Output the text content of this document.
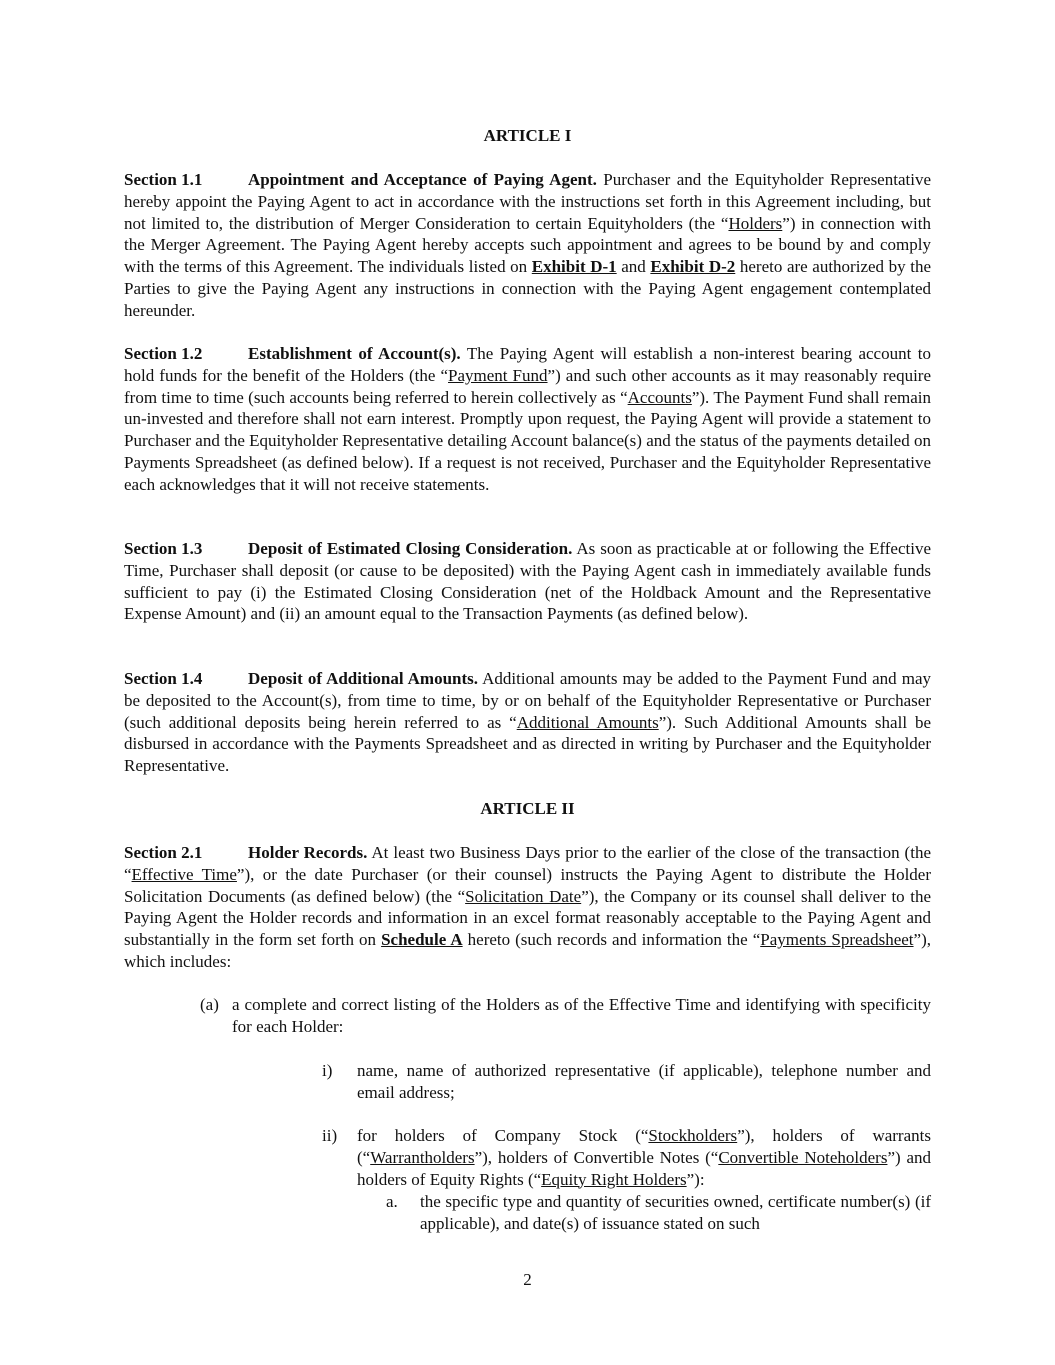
ARTICLE I
Section 1.1	Appointment and Acceptance of Paying Agent. Purchaser and the Equityholder Representative hereby appoint the Paying Agent to act in accordance with the instructions set forth in this Agreement including, but not limited to, the distribution of Merger Consideration to certain Equityholders (the “Holders”) in connection with the Merger Agreement. The Paying Agent hereby accepts such appointment and agrees to be bound by and comply with the terms of this Agreement. The individuals listed on Exhibit D-1 and Exhibit D-2 hereto are authorized by the Parties to give the Paying Agent any instructions in connection with the Paying Agent engagement contemplated hereunder.
Section 1.2	Establishment of Account(s). The Paying Agent will establish a non-interest bearing account to hold funds for the benefit of the Holders (the “Payment Fund”) and such other accounts as it may reasonably require from time to time (such accounts being referred to herein collectively as “Accounts”). The Payment Fund shall remain un-invested and therefore shall not earn interest. Promptly upon request, the Paying Agent will provide a statement to Purchaser and the Equityholder Representative detailing Account balance(s) and the status of the payments detailed on Payments Spreadsheet (as defined below). If a request is not received, Purchaser and the Equityholder Representative each acknowledges that it will not receive statements.
Section 1.3	Deposit of Estimated Closing Consideration. As soon as practicable at or following the Effective Time, Purchaser shall deposit (or cause to be deposited) with the Paying Agent cash in immediately available funds sufficient to pay (i) the Estimated Closing Consideration (net of the Holdback Amount and the Representative Expense Amount) and (ii) an amount equal to the Transaction Payments (as defined below).
Section 1.4	Deposit of Additional Amounts. Additional amounts may be added to the Payment Fund and may be deposited to the Account(s), from time to time, by or on behalf of the Equityholder Representative or Purchaser (such additional deposits being herein referred to as “Additional Amounts”). Such Additional Amounts shall be disbursed in accordance with the Payments Spreadsheet and as directed in writing by Purchaser and the Equityholder Representative.
ARTICLE II
Section 2.1	Holder Records. At least two Business Days prior to the earlier of the close of the transaction (the “Effective Time”), or the date Purchaser (or their counsel) instructs the Paying Agent to distribute the Holder Solicitation Documents (as defined below) (the “Solicitation Date”), the Company or its counsel shall deliver to the Paying Agent the Holder records and information in an excel format reasonably acceptable to the Paying Agent and substantially in the form set forth on Schedule A hereto (such records and information the “Payments Spreadsheet”), which includes:
(a) a complete and correct listing of the Holders as of the Effective Time and identifying with specificity for each Holder:
i) name, name of authorized representative (if applicable), telephone number and email address;
ii) for holders of Company Stock (“Stockholders”), holders of warrants (“Warrantholders”), holders of Convertible Notes (“Convertible Noteholders”) and holders of Equity Rights (“Equity Right Holders”):
a. the specific type and quantity of securities owned, certificate number(s) (if applicable), and date(s) of issuance stated on such
2
